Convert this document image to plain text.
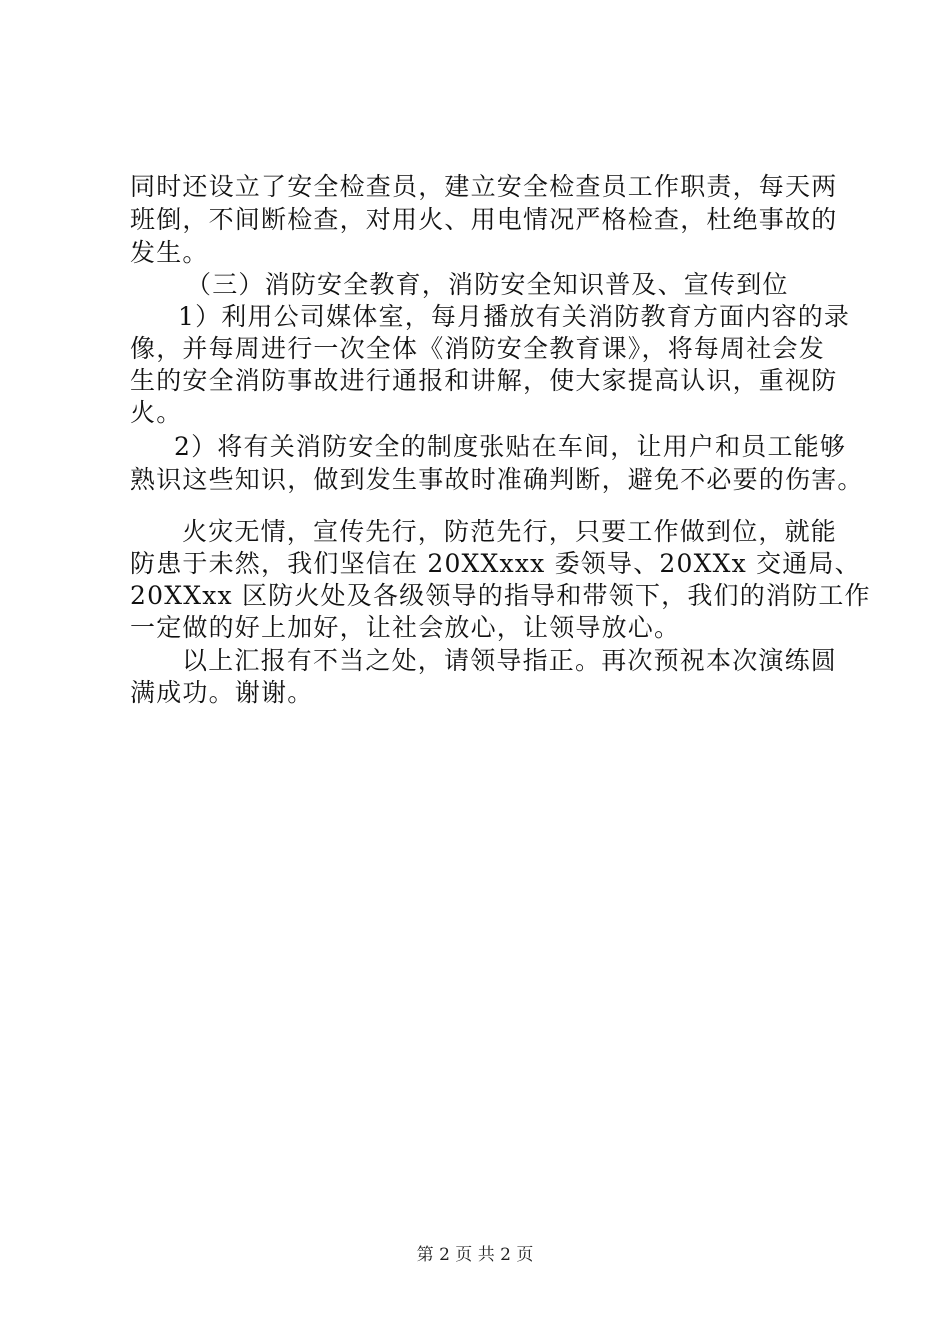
同时还设立了安全检查员，建立安全检查员工作职责，每天两
班倒，不间断检查，对用火、用电情况严格检查，杜绝事故的
发生。
（三）消防安全教育，消防安全知识普及、宣传到位
1）利用公司媒体室，每月播放有关消防教育方面内容的录
像，并每周进行一次全体《消防安全教育课》，将每周社会发
生的安全消防事故进行通报和讲解，使大家提高认识，重视防
火。
2）将有关消防安全的制度张贴在车间，让用户和员工能够
熟识这些知识，做到发生事故时准确判断，避免不必要的伤害。
火灾无情，宣传先行，防范先行，只要工作做到位，就能
防患于未然，我们坚信在 20XXxxx 委领导、20XXx 交通局、
20XXxx 区防火处及各级领导的指导和带领下，我们的消防工作
一定做的好上加好，让社会放心，让领导放心。
以上汇报有不当之处，请领导指正。再次预祝本次演练圆
满成功。谢谢。
第 2 页 共 2 页
